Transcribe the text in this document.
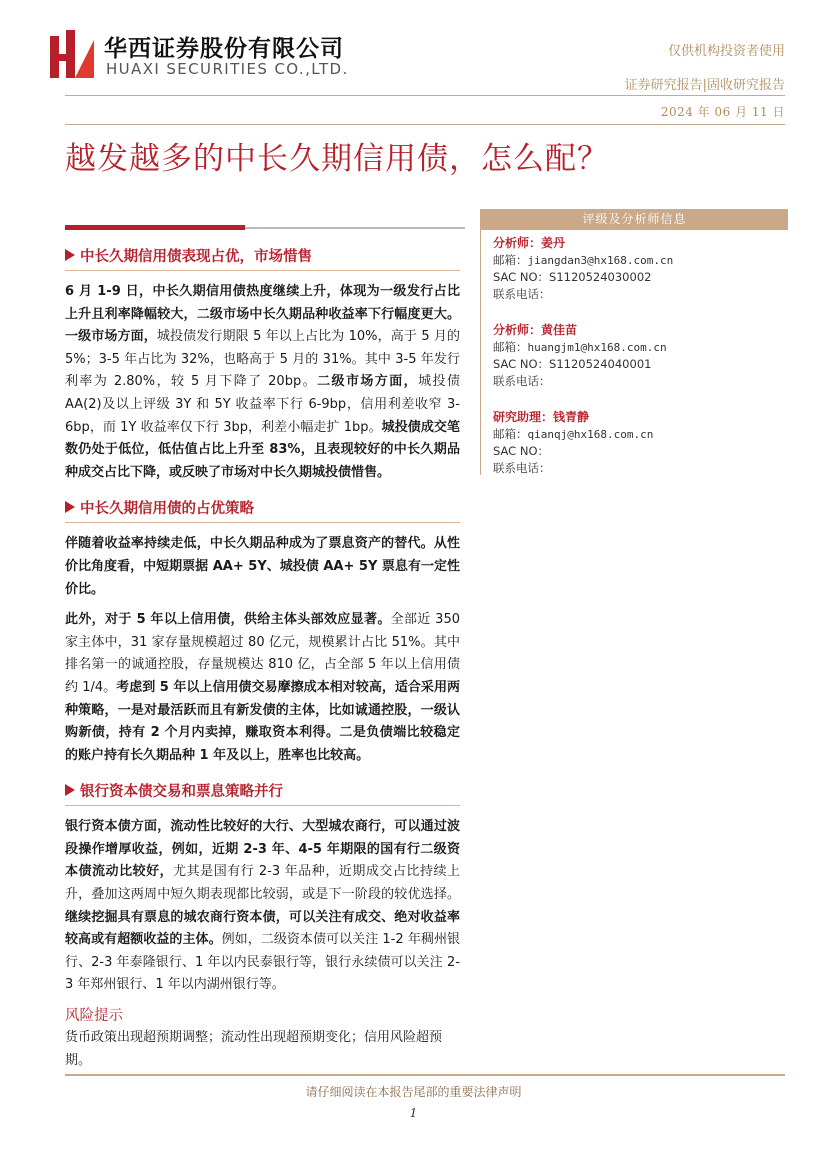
华西证券股份有限公司
HUAXI SECURITIES CO.,LTD.
仅供机构投资者使用
证券研究报告|固收研究报告
2024 年 06 月 11 日
越发越多的中长久期信用债，怎么配？
中长久期信用债表现占优，市场惜售

6 月 1-9 日，中长久期信用债热度继续上升，体现为一级发行占比上升且利率降幅较大，二级市场中长久期品种收益率下行幅度更大。一级市场方面，城投债发行期限 5 年以上占比为 10%，高于 5 月的 5%；3-5 年占比为 32%，也略高于 5 月的 31%。其中 3-5 年发行利率为 2.80%，较 5 月下降了 20bp。二级市场方面，城投债 AA(2)及以上评级 3Y 和 5Y 收益率下行 6-9bp，信用利差收窄 3-6bp，而 1Y 收益率仅下行 3bp，利差小幅走扩 1bp。城投债成交笔数仍处于低位，低估值占比上升至 83%，且表现较好的中长久期品种成交占比下降，或反映了市场对中长久期城投债惜售。

中长久期信用债的占优策略

伴随着收益率持续走低，中长久期品种成为了票息资产的替代。从性价比角度看，中短期票据 AA+ 5Y、城投债 AA+ 5Y 票息有一定性价比。

此外，对于 5 年以上信用债，供给主体头部效应显著。全部近 350 家主体中，31 家存量规模超过 80 亿元，规模累计占比 51%。其中排名第一的诚通控股，存量规模达 810 亿，占全部 5 年以上信用债约 1/4。考虑到 5 年以上信用债交易摩擦成本相对较高，适合采用两种策略，一是对最活跃而且有新发债的主体，比如诚通控股，一级认购新债，持有 2 个月内卖掉，赚取资本利得。二是负债端比较稳定的账户持有长久期品种 1 年及以上，胜率也比较高。

银行资本债交易和票息策略并行

银行资本债方面，流动性比较好的大行、大型城农商行，可以通过波段操作增厚收益，例如，近期 2-3 年、4-5 年期限的国有行二级资本债流动比较好，尤其是国有行 2-3 年品种，近期成交占比持续上升，叠加这两周中短久期表现都比较弱，或是下一阶段的较优选择。继续挖掘具有票息的城农商行资本债，可以关注有成交、绝对收益率较高或有超额收益的主体。例如，二级资本债可以关注 1-2 年稠州银行、2-3 年泰隆银行、1 年以内民泰银行等，银行永续债可以关注 2-3 年郑州银行、1 年以内湖州银行等。

风险提示
货币政策出现超预期调整；流动性出现超预期变化；信用风险超预期。
评级及分析师信息
分析师：姜丹
邮箱：jiangdan3@hx168.com.cn
SAC NO：S1120524030002
联系电话：
分析师：黄佳苗
邮箱：huangjm1@hx168.com.cn
SAC NO：S1120524040001
联系电话：
研究助理：钱青静
邮箱：qianqj@hx168.com.cn
SAC NO：
联系电话：
请仔细阅读在本报告尾部的重要法律声明
1
